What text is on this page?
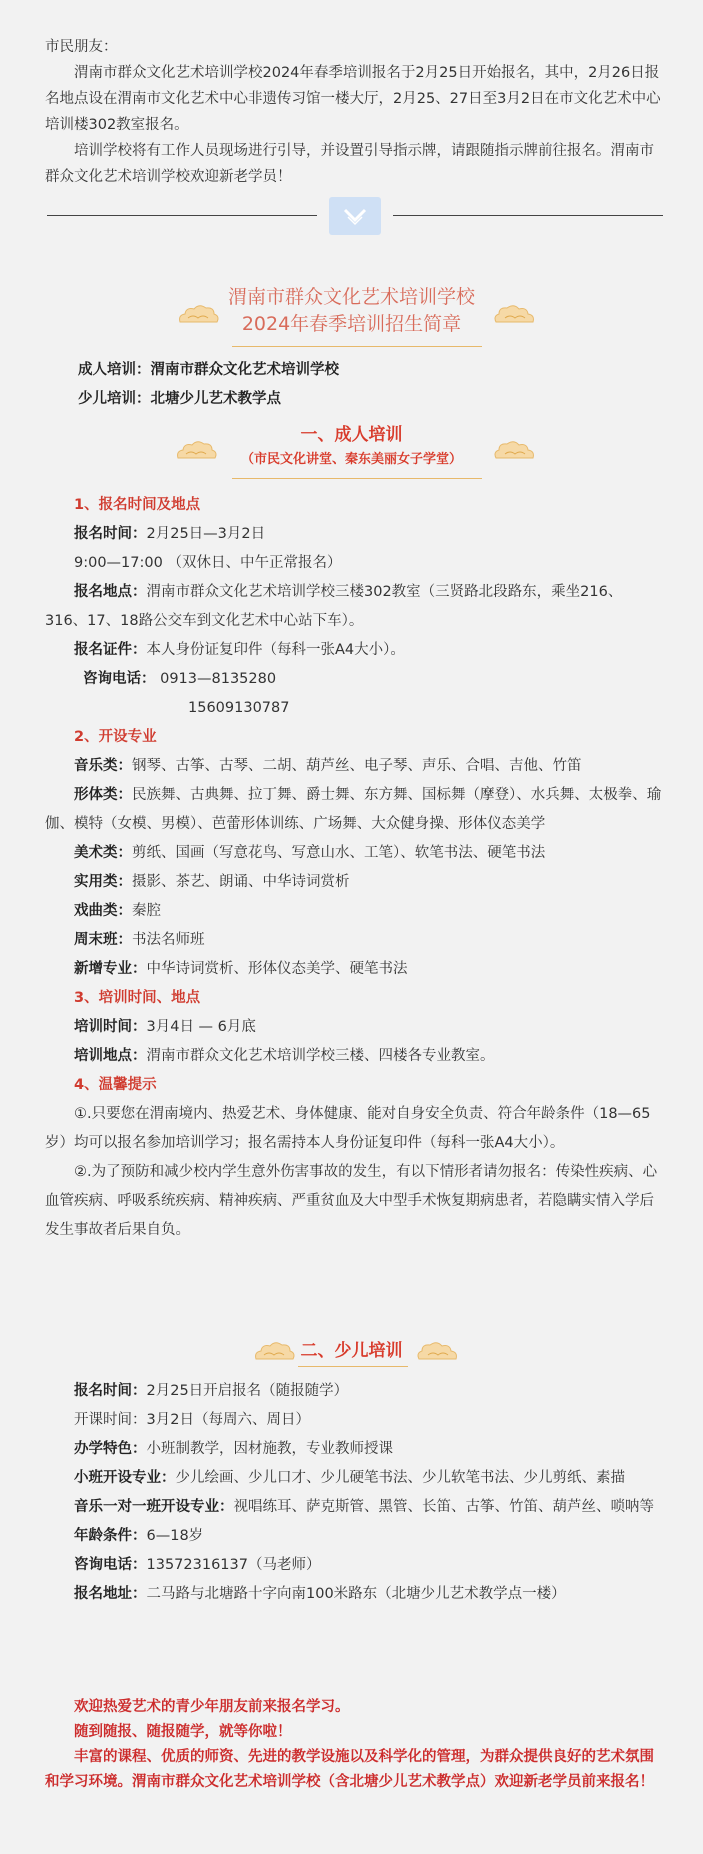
市民朋友：

渭南市群众文化艺术培训学校2024年春季培训报名于2月25日开始报名，其中，2月26日报名地点设在渭南市文化艺术中心非遗传习馆一楼大厅，2月25、27日至3月2日在市文化艺术中心培训楼302教室报名。

培训学校将有工作人员现场进行引导，并设置引导指示牌，请跟随指示牌前往报名。渭南市群众文化艺术培训学校欢迎新老学员！

渭南市群众文化艺术培训学校
2024年春季培训招生简章
成人培训：渭南市群众文化艺术培训学校
少儿培训：北塘少儿艺术教学点
一、成人培训
（市民文化讲堂、秦东美丽女子学堂）
1、报名时间及地点
报名时间：2月25日—3月2日
9:00—17:00 （双休日、中午正常报名）
报名地点：渭南市群众文化艺术培训学校三楼302教室（三贤路北段路东，乘坐216、316、17、18路公交车到文化艺术中心站下车）。
报名证件：本人身份证复印件（每科一张A4大小）。
咨询电话： 0913—8135280
15609130787
2、开设专业
音乐类：钢琴、古筝、古琴、二胡、葫芦丝、电子琴、声乐、合唱、吉他、竹笛
形体类：民族舞、古典舞、拉丁舞、爵士舞、东方舞、国标舞（摩登）、水兵舞、太极拳、瑜伽、模特（女模、男模）、芭蕾形体训练、广场舞、大众健身操、形体仪态美学
美术类：剪纸、国画（写意花鸟、写意山水、工笔）、软笔书法、硬笔书法
实用类：摄影、茶艺、朗诵、中华诗词赏析
戏曲类：秦腔
周末班：书法名师班
新增专业：中华诗词赏析、形体仪态美学、硬笔书法
3、培训时间、地点
培训时间：3月4日 — 6月底
培训地点：渭南市群众文化艺术培训学校三楼、四楼各专业教室。
4、温馨提示
①.只要您在渭南境内、热爱艺术、身体健康、能对自身安全负责、符合年龄条件（18—65岁）均可以报名参加培训学习；报名需持本人身份证复印件（每科一张A4大小）。
②.为了预防和减少校内学生意外伤害事故的发生，有以下情形者请勿报名：传染性疾病、心血管疾病、呼吸系统疾病、精神疾病、严重贫血及大中型手术恢复期病患者，若隐瞒实情入学后发生事故者后果自负。
二、少儿培训
报名时间：2月25日开启报名（随报随学）
开课时间：3月2日（每周六、周日）
办学特色：小班制教学，因材施教，专业教师授课
小班开设专业：少儿绘画、少儿口才、少儿硬笔书法、少儿软笔书法、少儿剪纸、素描
音乐一对一班开设专业：视唱练耳、萨克斯管、黑管、长笛、古筝、竹笛、葫芦丝、唢呐等
年龄条件：6—18岁
咨询电话：13572316137（马老师）
报名地址：二马路与北塘路十字向南100米路东（北塘少儿艺术教学点一楼）
欢迎热爱艺术的青少年朋友前来报名学习。
随到随报、随报随学，就等你啦！
丰富的课程、优质的师资、先进的教学设施以及科学化的管理，为群众提供良好的艺术氛围和学习环境。渭南市群众文化艺术培训学校（含北塘少儿艺术教学点）欢迎新老学员前来报名！
